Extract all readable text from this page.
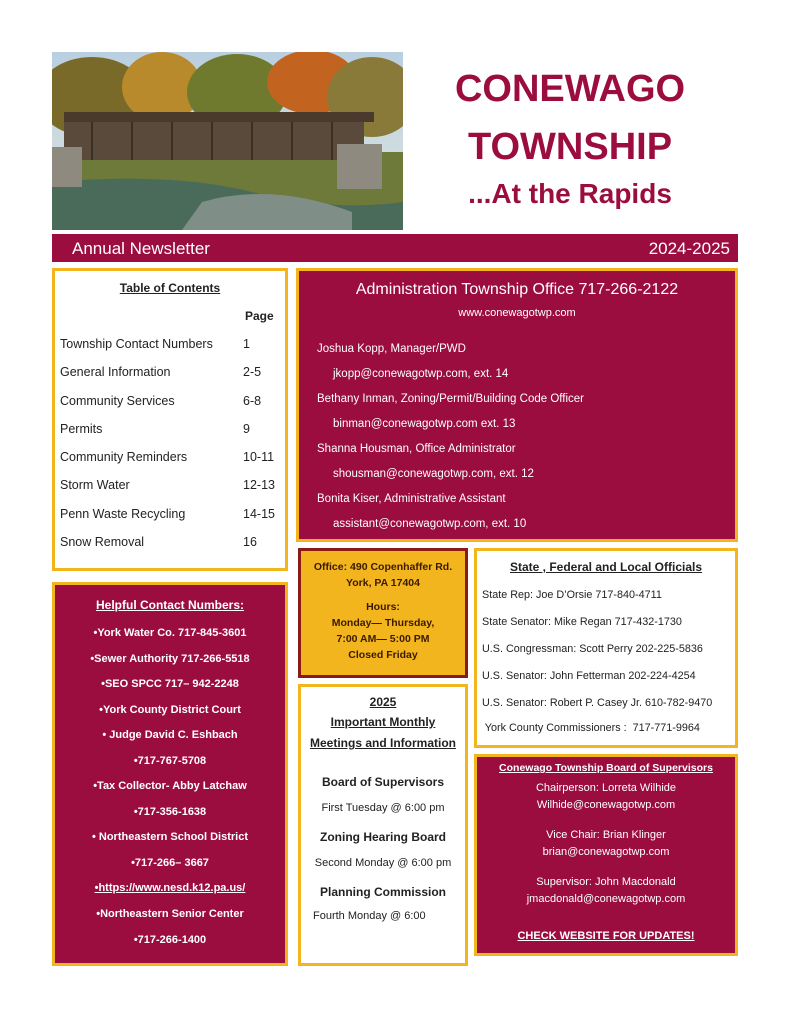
CONEWAGO
TOWNSHIP
...At the Rapids
Annual Newsletter	2024-2025
Table of Contents
Page
Township Contact Numbers 1
General Information	2-5
Community Services	6-8
Permits	9
Community Reminders	10-11
Storm Water	12-13
Penn Waste Recycling	14-15
Snow Removal	16
Administration Township Office 717-266-2122
www.conewagotwp.com
Joshua Kopp, Manager/PWD
jkopp@conewagotwp.com, ext. 14
Bethany Inman, Zoning/Permit/Building Code Officer
binman@conewagotwp.com ext. 13
Shanna Housman, Office Administrator
shousman@conewagotwp.com, ext. 12
Bonita Kiser, Administrative Assistant
assistant@conewagotwp.com, ext. 10
Office: 490 Copenhaffer Rd.
York, PA 17404
Hours:
Monday— Thursday,
7:00 AM— 5:00 PM
Closed Friday
2025
Important Monthly
Meetings and Information
Board of Supervisors
First Tuesday @ 6:00 pm
Zoning Hearing Board
Second Monday @ 6:00 pm
Planning Commission
Fourth Monday @ 6:00
State , Federal and Local Officials
State Rep: Joe D’Orsie 717-840-4711
State Senator: Mike Regan 717-432-1730
U.S. Congressman: Scott Perry 202-225-5836
U.S. Senator: John Fetterman 202-224-4254
U.S. Senator: Robert P. Casey Jr. 610-782-9470
York County Commissioners :  717-771-9964
Conewago Township Board of Supervisors
Chairperson: Lorreta Wilhide
Wilhide@conewagotwp.com
Vice Chair: Brian Klinger
brian@conewagotwp.com
Supervisor: John Macdonald
jmacdonald@conewagotwp.com
CHECK WEBSITE FOR UPDATES!
Helpful Contact Numbers:
•York Water Co. 717-845-3601
•Sewer Authority 717-266-5518
•SEO SPCC 717– 942-2248
•York County District Court
• Judge David C. Eshbach
•717-767-5708
•Tax Collector- Abby Latchaw
•717-356-1638
• Northeastern School District
•717-266– 3667
•https://www.nesd.k12.pa.us/
•Northeastern Senior Center
•717-266-1400
